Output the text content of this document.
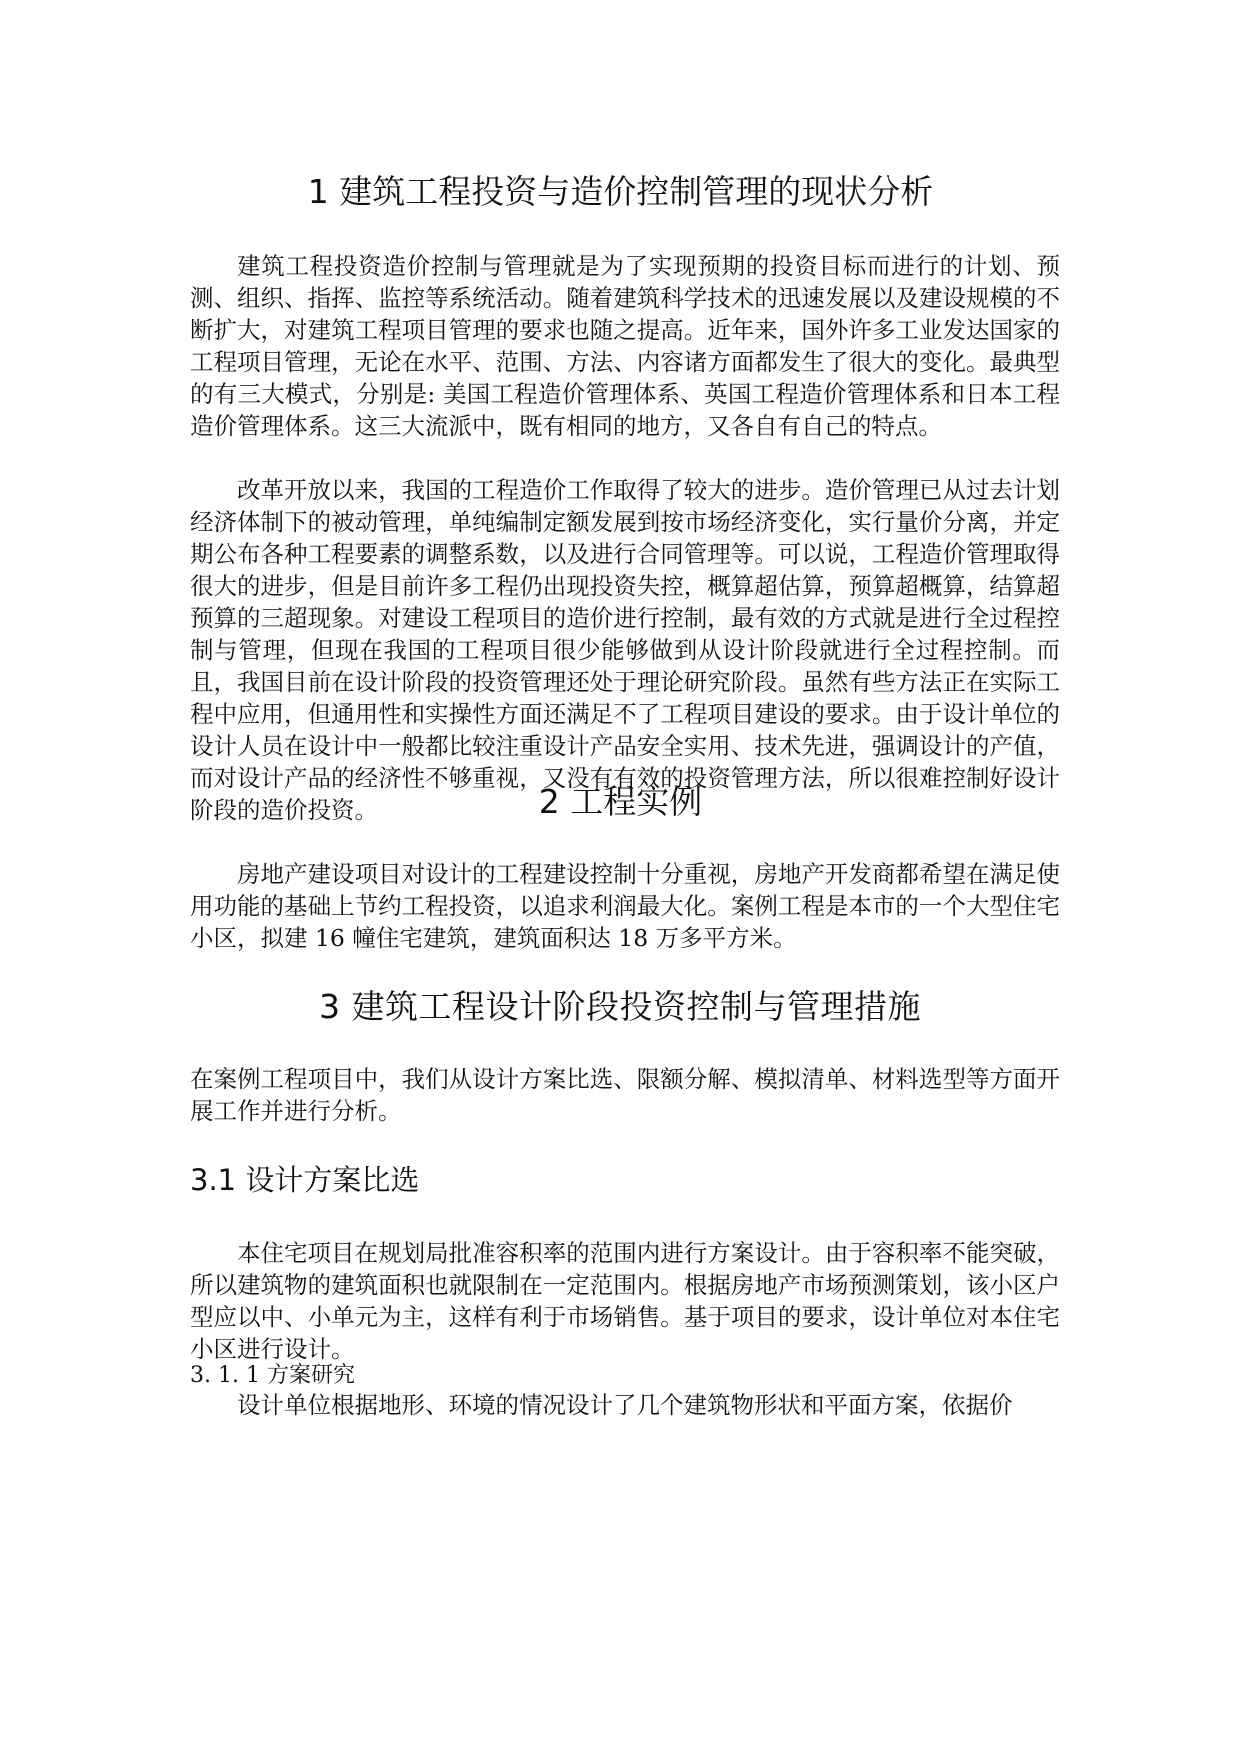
1 建筑工程投资与造价控制管理的现状分析

建筑工程投资造价控制与管理就是为了实现预期的投资目标而进行的计划、预测、组织、指挥、监控等系统活动。随着建筑科学技术的迅速发展以及建设规模的不断扩大，对建筑工程项目管理的要求也随之提高。近年来，国外许多工业发达国家的工程项目管理，无论在水平、范围、方法、内容诸方面都发生了很大的变化。最典型的有三大模式，分别是: 美国工程造价管理体系、英国工程造价管理体系和日本工程造价管理体系。这三大流派中，既有相同的地方，又各自有自己的特点。

改革开放以来，我国的工程造价工作取得了较大的进步。造价管理已从过去计划经济体制下的被动管理，单纯编制定额发展到按市场经济变化，实行量价分离，并定期公布各种工程要素的调整系数，以及进行合同管理等。可以说，工程造价管理取得很大的进步，但是目前许多工程仍出现投资失控，概算超估算，预算超概算，结算超预算的三超现象。对建设工程项目的造价进行控制，最有效的方式就是进行全过程控制与管理，但现在我国的工程项目很少能够做到从设计阶段就进行全过程控制。而且，我国目前在设计阶段的投资管理还处于理论研究阶段。虽然有些方法正在实际工程中应用，但通用性和实操性方面还满足不了工程项目建设的要求。由于设计单位的设计人员在设计中一般都比较注重设计产品安全实用、技术先进，强调设计的产值，而对设计产品的经济性不够重视，又没有有效的投资管理方法，所以很难控制好设计阶段的造价投资。	2 工程实例

房地产建设项目对设计的工程建设控制十分重视，房地产开发商都希望在满足使用功能的基础上节约工程投资，以追求利润最大化。案例工程是本市的一个大型住宅小区，拟建 16 幢住宅建筑，建筑面积达 18 万多平方米。

3 建筑工程设计阶段投资控制与管理措施

在案例工程项目中，我们从设计方案比选、限额分解、模拟清单、材料选型等方面开展工作并进行分析。

3.1 设计方案比选

本住宅项目在规划局批准容积率的范围内进行方案设计。由于容积率不能突破，所以建筑物的建筑面积也就限制在一定范围内。根据房地产市场预测策划，该小区户型应以中、小单元为主，这样有利于市场销售。基于项目的要求，设计单位对本住宅小区进行设计。

3. 1. 1 方案研究

设计单位根据地形、环境的情况设计了几个建筑物形状和平面方案，依据价
